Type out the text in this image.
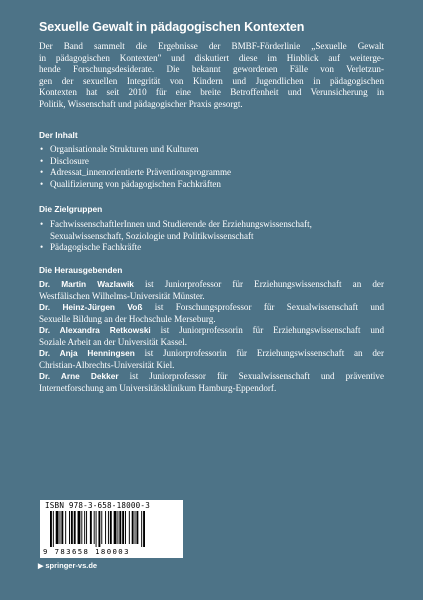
Sexuelle Gewalt in pädagogischen Kontexten
Der Band sammelt die Ergebnisse der BMBF-Förderlinie „Sexuelle Gewalt
in pädagogischen Kontexten" und diskutiert diese im Hinblick auf weiterge-
hende Forschungsdesiderate. Die bekannt gewordenen Fälle von Verletzun-
gen der sexuellen Integrität von Kindern und Jugendlichen in pädagogischen
Kontexten hat seit 2010 für eine breite Betroffenheit und Verunsicherung in
Politik, Wissenschaft und pädagogischer Praxis gesorgt.
Der Inhalt
• Organisationale Strukturen und Kulturen
• Disclosure
• Adressat_innenorientierte Präventionsprogramme
• Qualifizierung von pädagogischen Fachkräften
Die Zielgruppen
• FachwissenschaftlerInnen und Studierende der Erziehungswissenschaft,
Sexualwissenschaft, Soziologie und Politikwissenschaft
• Pädagogische Fachkräfte
Die Herausgebenden
Dr. Martin Wazlawik ist Juniorprofessor für Erziehungswissenschaft an der
Westfälischen Wilhelms-Universität Münster.
Dr. Heinz-Jürgen Voß ist Forschungsprofessor für Sexualwissenschaft und
Sexuelle Bildung an der Hochschule Merseburg.
Dr. Alexandra Retkowski ist Juniorprofessorin für Erziehungswissenschaft und
Soziale Arbeit an der Universität Kassel.
Dr. Anja Henningsen ist Juniorprofessorin für Erziehungswissenschaft an der
Christian-Albrechts-Universität Kiel.
Dr. Arne Dekker ist Juniorprofessor für Sexualwissenschaft und präventive
Internetforschung am Universitätsklinikum Hamburg-Eppendorf.
ISBN 978-3-658-18000-3
9 783658 180003
▶ springer-vs.de
